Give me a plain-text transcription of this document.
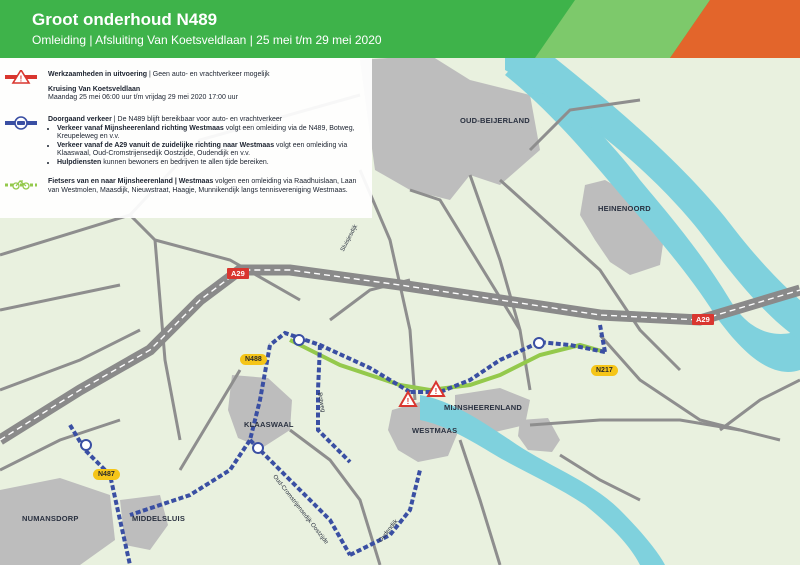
!
!
Groot onderhoud N489
Omleiding | Afsluiting Van Koetsveldlaan | 25 mei t/m 29 mei 2020
!	Werkzaamheden in uitvoering | Geen auto- en vrachtverkeer mogelijk

Kruising Van Koetsveldlaan
Maandag 25 mei 06:00 uur t/m vrijdag 29 mei 2020 17:00 uur
Doorgaand verkeer | De N489 blijft bereikbaar voor auto- en vrachtverkeer
• Verkeer vanaf Mijnsheerenland richting Westmaas volgt een omleiding via de N489, Botweg, Kreupeleweg en v.v.
• Verkeer vanaf de A29 vanuit de zuidelijke richting naar Westmaas volgt een omleiding via Klaaswaal, Oud-Cromstrijensedijk Oostzijde, Oudendijk en v.v.
• Hulpdiensten kunnen bewoners en bedrijven te allen tijde bereiken.
Fietsers van en naar Mijnsheerenland | Westmaas volgen een omleiding via Raadhuislaan, Laan van Westmolen, Maasdijk, Nieuwstraat, Haagje, Munnikendijk langs tennisvereniging Westmaas.
OUD-BEIJERLAND
HEINENOORD
MIJNSHEERENLAND
WESTMAAS
KLAASWAAL
NUMANSDORP	MIDDELSLUIS
A29
A29
N488
N217
N487
Sluisjesdijk
Botweg
Oud-Cromstrijensedijk Oostzijde	Oudendijk
